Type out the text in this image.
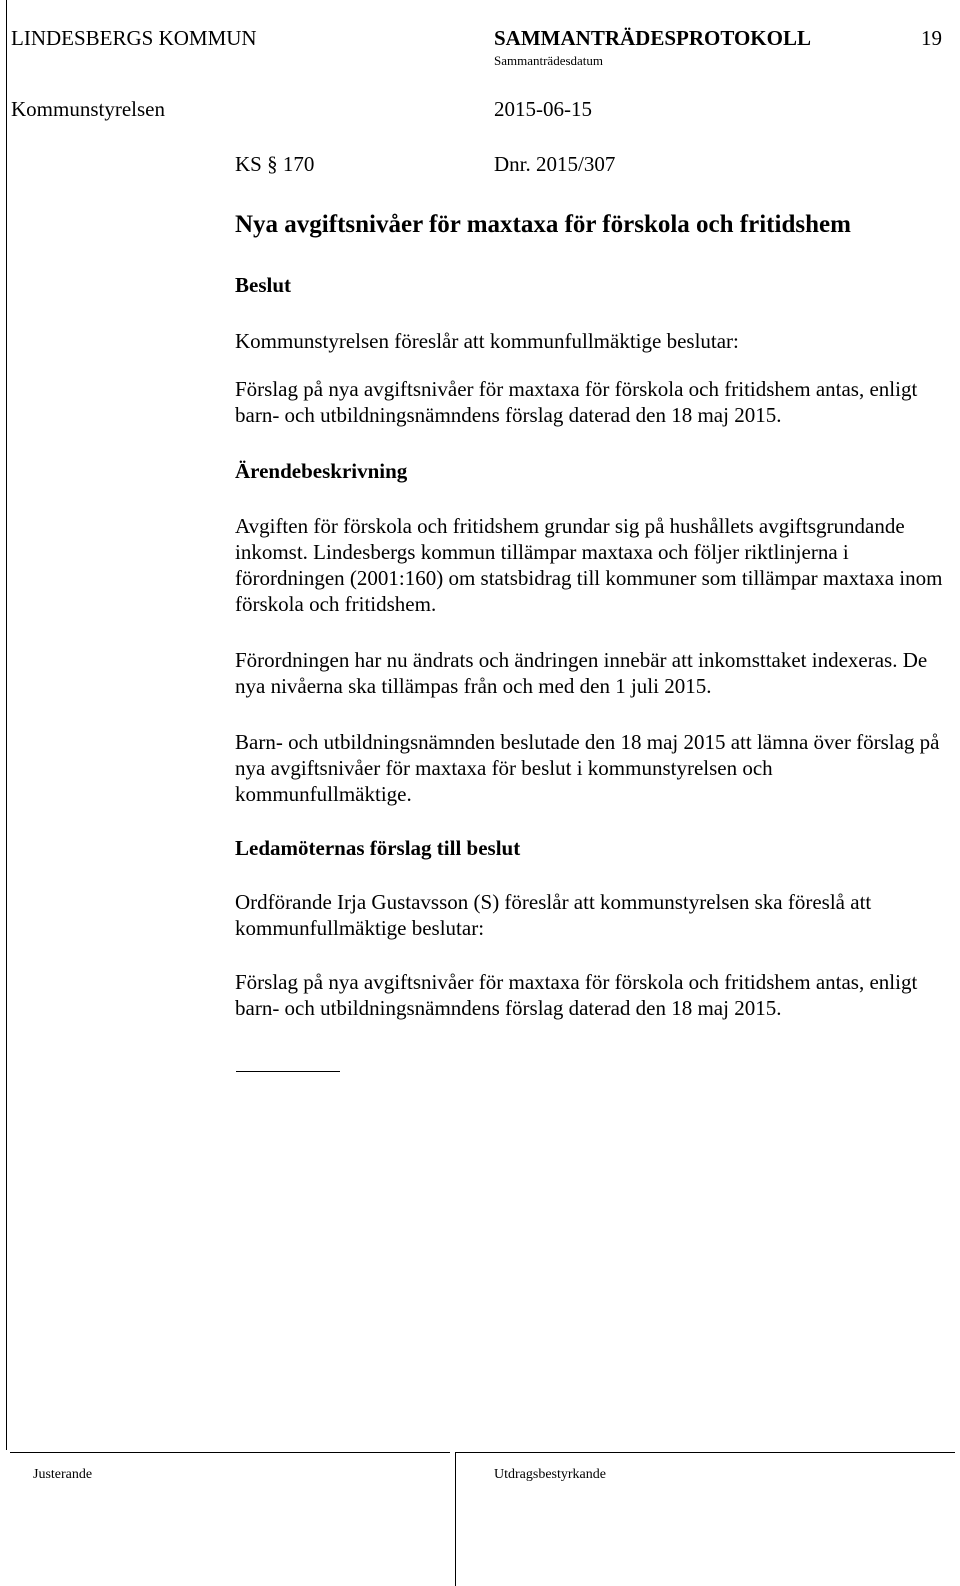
LINDESBERGS KOMMUN	SAMMANTRÄDESPROTOKOLL	19
Sammanträdesdatum
Kommunstyrelsen	2015-06-15
KS § 170	Dnr. 2015/307
Nya avgiftsnivåer för maxtaxa för förskola och fritidshem
Beslut
Kommunstyrelsen föreslår att kommunfullmäktige beslutar:
Förslag på nya avgiftsnivåer för maxtaxa för förskola och fritidshem antas, enligt barn- och utbildningsnämndens förslag daterad den 18 maj 2015.
Ärendebeskrivning
Avgiften för förskola och fritidshem grundar sig på hushållets avgiftsgrundande inkomst. Lindesbergs kommun tillämpar maxtaxa och följer riktlinjerna i förordningen (2001:160) om statsbidrag till kommuner som tillämpar maxtaxa inom förskola och fritidshem.
Förordningen har nu ändrats och ändringen innebär att inkomsttaket indexeras. De nya nivåerna ska tillämpas från och med den 1 juli 2015.
Barn- och utbildningsnämnden beslutade den 18 maj 2015 att lämna över förslag på nya avgiftsnivåer för maxtaxa för beslut i kommunstyrelsen och kommunfullmäktige.
Ledamöternas förslag till beslut
Ordförande Irja Gustavsson (S) föreslår att kommunstyrelsen ska föreslå att kommunfullmäktige beslutar:
Förslag på nya avgiftsnivåer för maxtaxa för förskola och fritidshem antas, enligt barn- och utbildningsnämndens förslag daterad den 18 maj 2015.
Justerande	Utdragsbestyrkande
